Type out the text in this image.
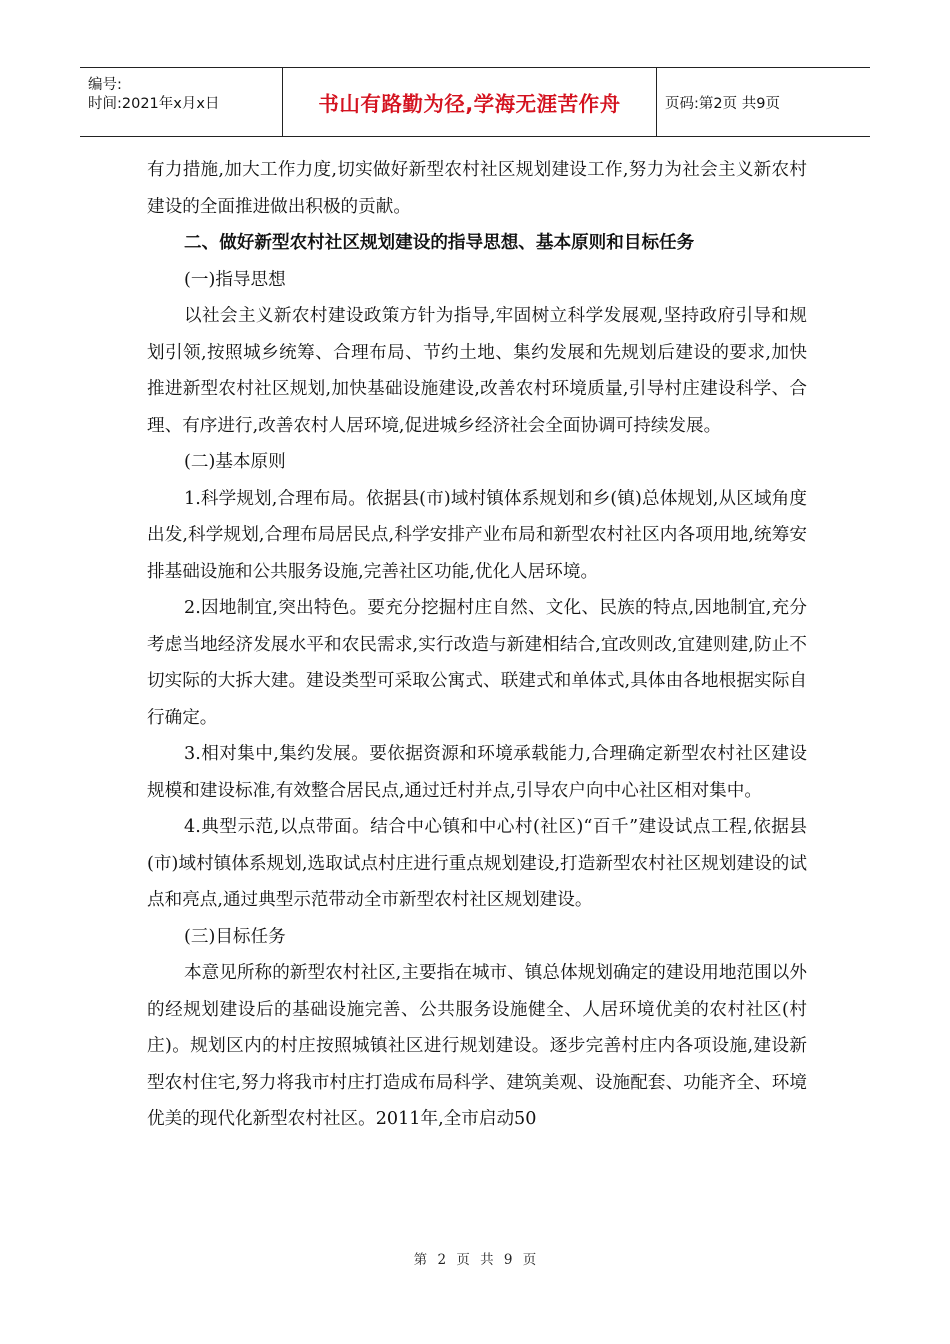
编号:
时间:2021年x月x日	书山有路勤为径,学海无涯苦作舟	页码:第2页 共9页

有力措施,加大工作力度,切实做好新型农村社区规划建设工作,努力为社会主义新农村建设的全面推进做出积极的贡献。

二、做好新型农村社区规划建设的指导思想、基本原则和目标任务

(一)指导思想

以社会主义新农村建设政策方针为指导,牢固树立科学发展观,坚持政府引导和规划引领,按照城乡统筹、合理布局、节约土地、集约发展和先规划后建设的要求,加快推进新型农村社区规划,加快基础设施建设,改善农村环境质量,引导村庄建设科学、合理、有序进行,改善农村人居环境,促进城乡经济社会全面协调可持续发展。

(二)基本原则

1.科学规划,合理布局。依据县(市)域村镇体系规划和乡(镇)总体规划,从区域角度出发,科学规划,合理布局居民点,科学安排产业布局和新型农村社区内各项用地,统筹安排基础设施和公共服务设施,完善社区功能,优化人居环境。

2.因地制宜,突出特色。要充分挖掘村庄自然、文化、民族的特点,因地制宜,充分考虑当地经济发展水平和农民需求,实行改造与新建相结合,宜改则改,宜建则建,防止不切实际的大拆大建。建设类型可采取公寓式、联建式和单体式,具体由各地根据实际自行确定。

3.相对集中,集约发展。要依据资源和环境承载能力,合理确定新型农村社区建设规模和建设标准,有效整合居民点,通过迁村并点,引导农户向中心社区相对集中。

4.典型示范,以点带面。结合中心镇和中心村(社区)“百千”建设试点工程,依据县(市)域村镇体系规划,选取试点村庄进行重点规划建设,打造新型农村社区规划建设的试点和亮点,通过典型示范带动全市新型农村社区规划建设。

(三)目标任务

本意见所称的新型农村社区,主要指在城市、镇总体规划确定的建设用地范围以外的经规划建设后的基础设施完善、公共服务设施健全、人居环境优美的农村社区(村庄)。规划区内的村庄按照城镇社区进行规划建设。逐步完善村庄内各项设施,建设新型农村住宅,努力将我市村庄打造成布局科学、建筑美观、设施配套、功能齐全、环境优美的现代化新型农村社区。2011年,全市启动50

第 2 页 共 9 页
